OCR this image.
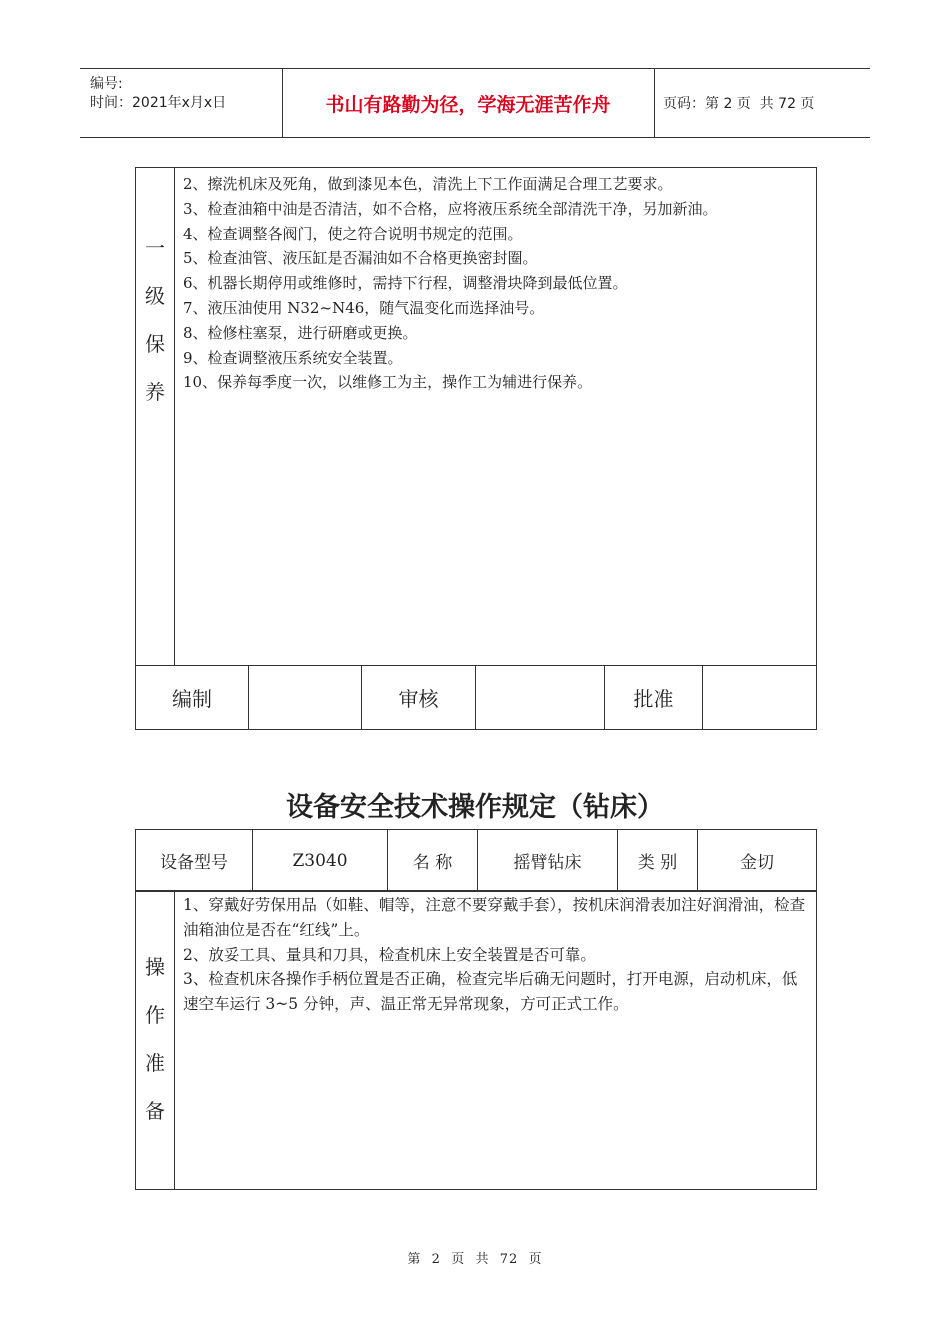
编号:
时间：2021年x月x日	书山有路勤为径，学海无涯苦作舟	页码：第 2 页  共 72 页
一
级
保
养

2、擦洗机床及死角，做到漆见本色，清洗上下工作面满足合理工艺要求。
3、检查油箱中油是否清洁，如不合格，应将液压系统全部清洗干净，另加新油。
4、检查调整各阀门，使之符合说明书规定的范围。
5、检查油管、液压缸是否漏油如不合格更换密封圈。
6、机器长期停用或维修时，需持下行程，调整滑块降到最低位置。
7、液压油使用 N32~N46，随气温变化而选择油号。
8、检修柱塞泵，进行研磨或更换。
9、检查调整液压系统安全装置。
10、保养每季度一次，以维修工为主，操作工为辅进行保养。
编制		审核		批准	
设备安全技术操作规定（钻床）
设备型号	Z3040	名 称	摇臂钻床	类 别	金切
操
作
准
备

1、穿戴好劳保用品（如鞋、帽等，注意不要穿戴手套），按机床润滑表加注好润滑油，检查油箱油位是否在“红线”上。
2、放妥工具、量具和刀具，检查机床上安全装置是否可靠。
3、检查机床各操作手柄位置是否正确，检查完毕后确无问题时，打开电源，启动机床，低速空车运行 3~5 分钟，声、温正常无异常现象，方可正式工作。
第  2  页  共  72  页
